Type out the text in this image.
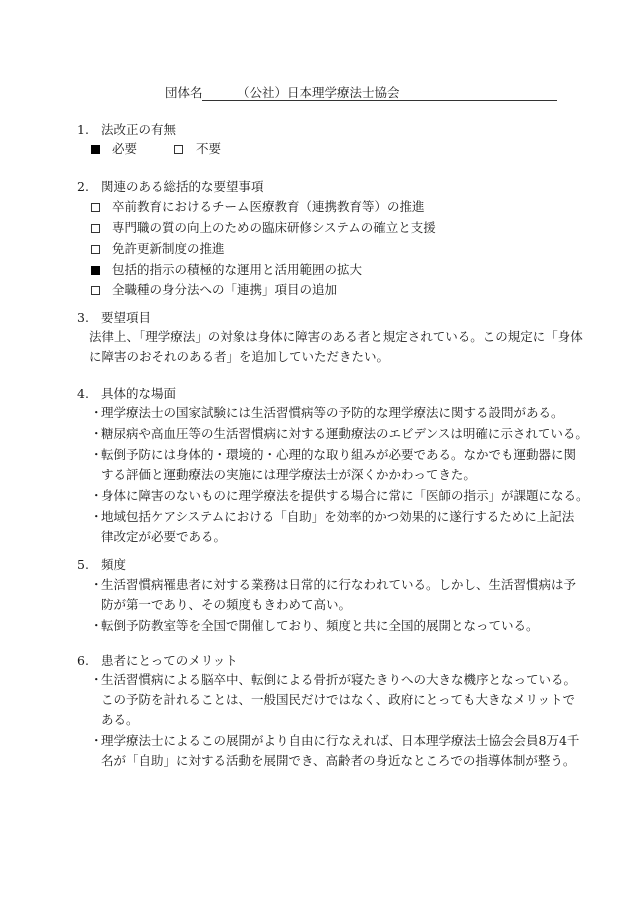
団体名	（公社）日本理学療法士協会
1. 法改正の有無
必要	不要
2. 関連のある総括的な要望事項
卒前教育におけるチーム医療教育（連携教育等）の推進
専門職の質の向上のための臨床研修システムの確立と支援
免許更新制度の推進
包括的指示の積極的な運用と活用範囲の拡大
全職種の身分法への「連携」項目の追加
3. 要望項目
法律上、「理学療法」の対象は身体に障害のある者と規定されている。この規定に「身体
に障害のおそれのある者」を追加していただきたい。
4. 具体的な場面
・
理学療法士の国家試験には生活習慣病等の予防的な理学療法に関する設問がある。
・
糖尿病や高血圧等の生活習慣病に対する運動療法のエビデンスは明確に示されている。
・
転倒予防には身体的・環境的・心理的な取り組みが必要である。なかでも運動器に関
する評価と運動療法の実施には理学療法士が深くかかわってきた。
・
身体に障害のないものに理学療法を提供する場合に常に「医師の指示」が課題になる。
・
地域包括ケアシステムにおける「自助」を効率的かつ効果的に遂行するために上記法
律改定が必要である。
5. 頻度
・
生活習慣病罹患者に対する業務は日常的に行なわれている。しかし、生活習慣病は予
防が第一であり、その頻度もきわめて高い。
・
転倒予防教室等を全国で開催しており、頻度と共に全国的展開となっている。
6. 患者にとってのメリット
・
生活習慣病による脳卒中、転倒による骨折が寝たきりへの大きな機序となっている。
この予防を計れることは、一般国民だけではなく、政府にとっても大きなメリットで
ある。
・
理学療法士によるこの展開がより自由に行なえれば、日本理学療法士協会会員8万4千
名が「自助」に対する活動を展開でき、高齢者の身近なところでの指導体制が整う。
